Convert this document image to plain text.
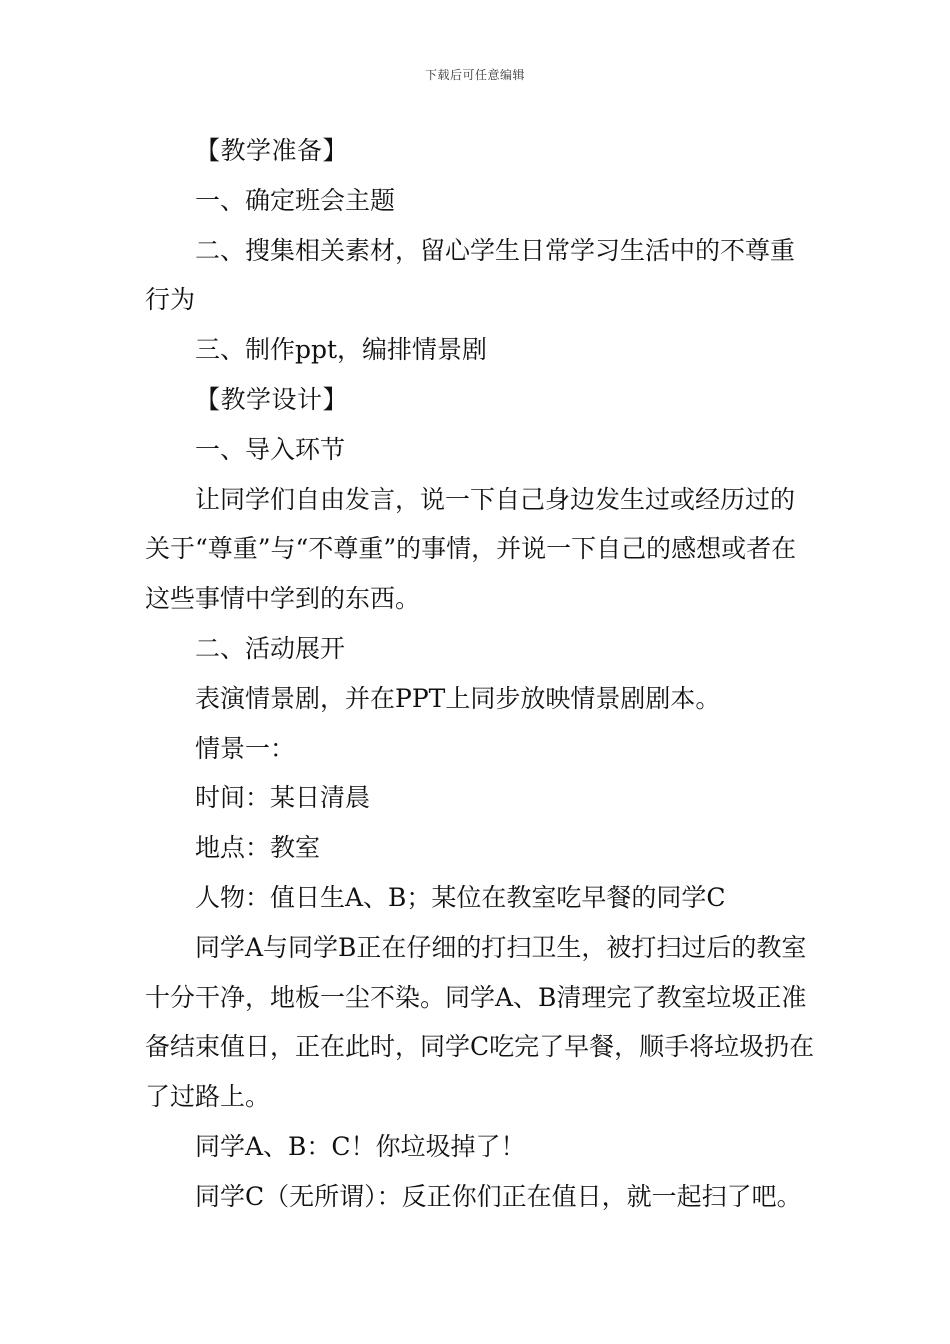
下载后可任意编辑

【教学准备】

一、确定班会主题

二、搜集相关素材，留心学生日常学习生活中的不尊重行为

三、制作ppt，编排情景剧

【教学设计】

一、导入环节

让同学们自由发言，说一下自己身边发生过或经历过的关于“尊重”与“不尊重”的事情，并说一下自己的感想或者在这些事情中学到的东西。

二、活动展开

表演情景剧，并在PPT上同步放映情景剧剧本。

情景一：

时间：某日清晨

地点：教室

人物：值日生A、B；某位在教室吃早餐的同学C

同学A与同学B正在仔细的打扫卫生，被打扫过后的教室十分干净，地板一尘不染。同学A、B清理完了教室垃圾正准备结束值日，正在此时，同学C吃完了早餐，顺手将垃圾扔在了过路上。

同学A、B：C！你垃圾掉了！

同学C（无所谓）：反正你们正在值日，就一起扫了吧。
